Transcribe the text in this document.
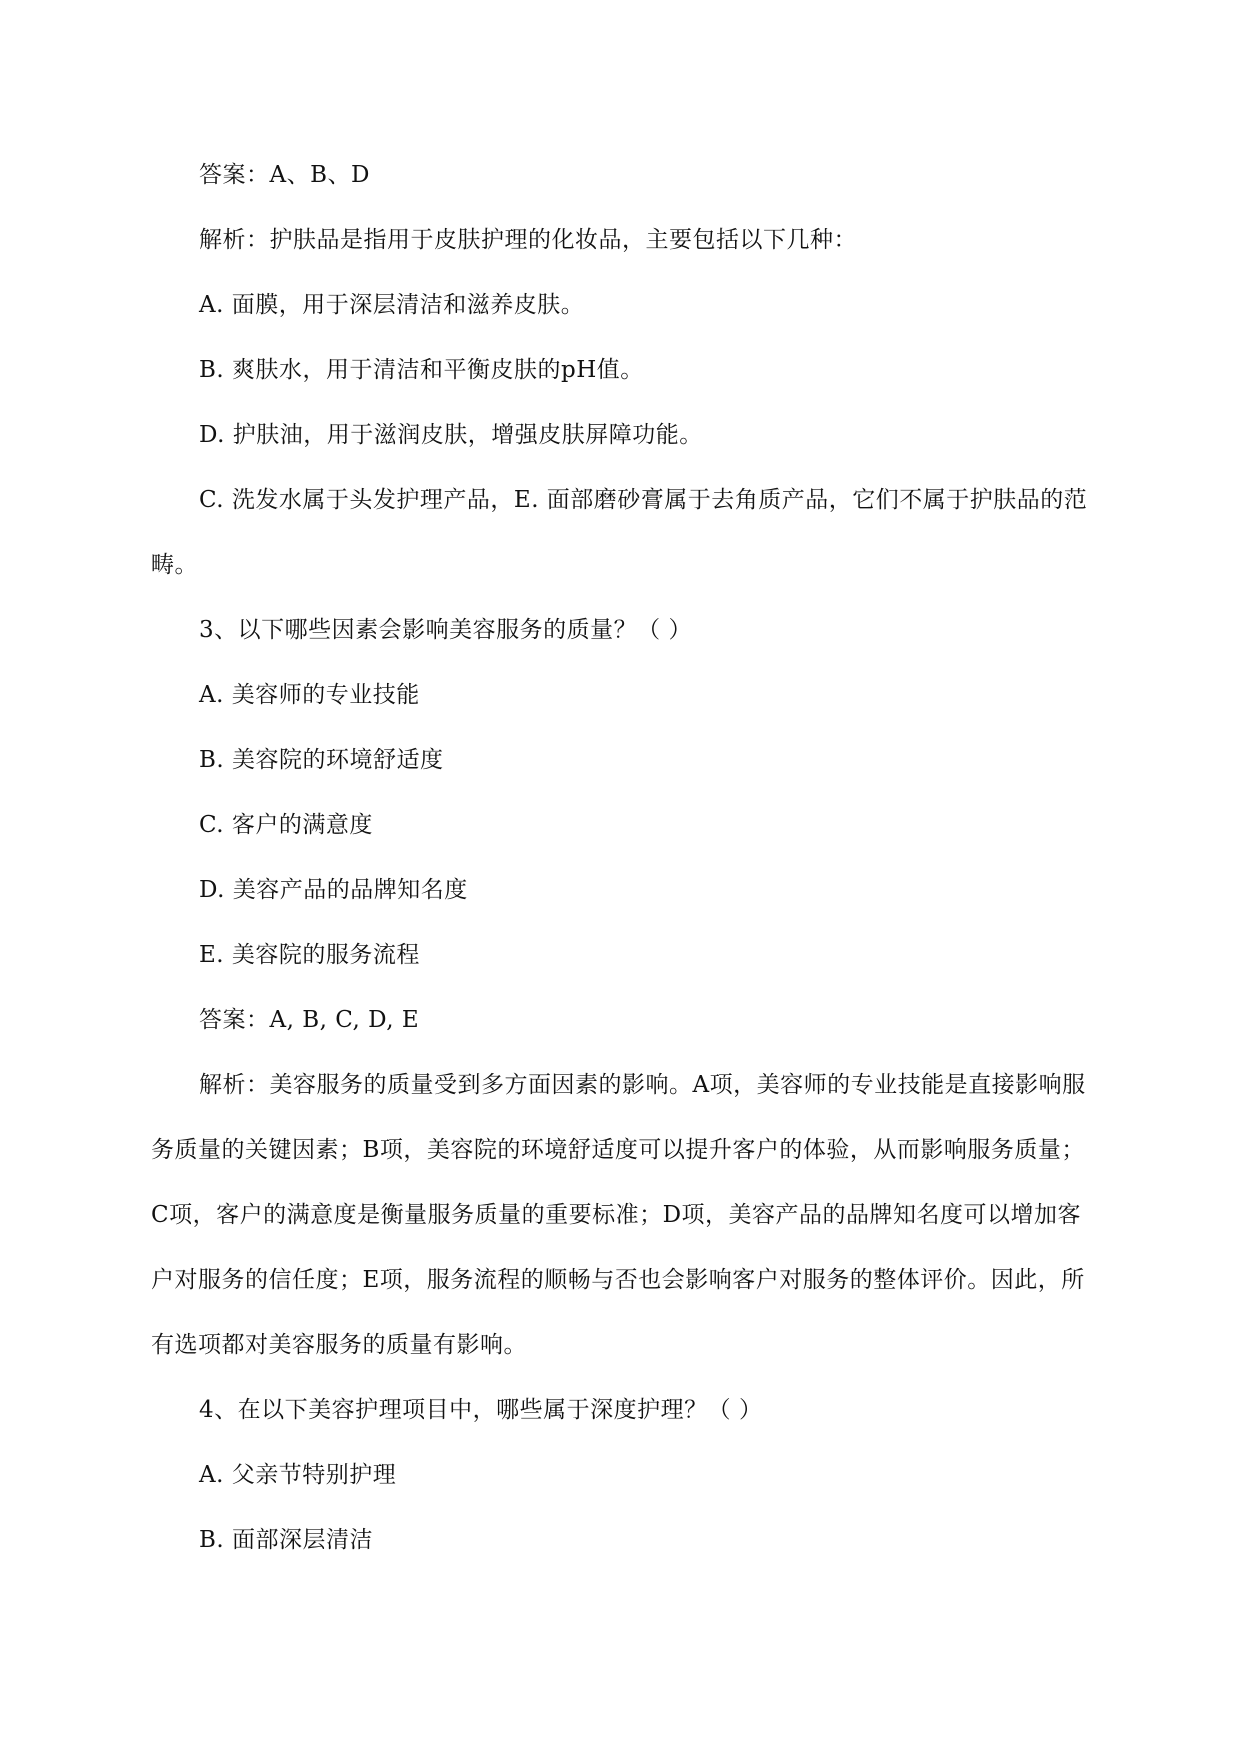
答案：A、B、D

解析：护肤品是指用于皮肤护理的化妆品，主要包括以下几种：

A. 面膜，用于深层清洁和滋养皮肤。

B. 爽肤水，用于清洁和平衡皮肤的pH值。

D. 护肤油，用于滋润皮肤，增强皮肤屏障功能。

C. 洗发水属于头发护理产品，E. 面部磨砂膏属于去角质产品，它们不属于护肤品的范畴。

3、以下哪些因素会影响美容服务的质量？（ ）

A. 美容师的专业技能

B. 美容院的环境舒适度

C. 客户的满意度

D. 美容产品的品牌知名度

E. 美容院的服务流程

答案：A, B, C, D, E

解析：美容服务的质量受到多方面因素的影响。A项，美容师的专业技能是直接影响服务质量的关键因素；B项，美容院的环境舒适度可以提升客户的体验，从而影响服务质量；C项，客户的满意度是衡量服务质量的重要标准；D项，美容产品的品牌知名度可以增加客户对服务的信任度；E项，服务流程的顺畅与否也会影响客户对服务的整体评价。因此，所有选项都对美容服务的质量有影响。

4、在以下美容护理项目中，哪些属于深度护理？（ ）

A. 父亲节特别护理

B. 面部深层清洁
